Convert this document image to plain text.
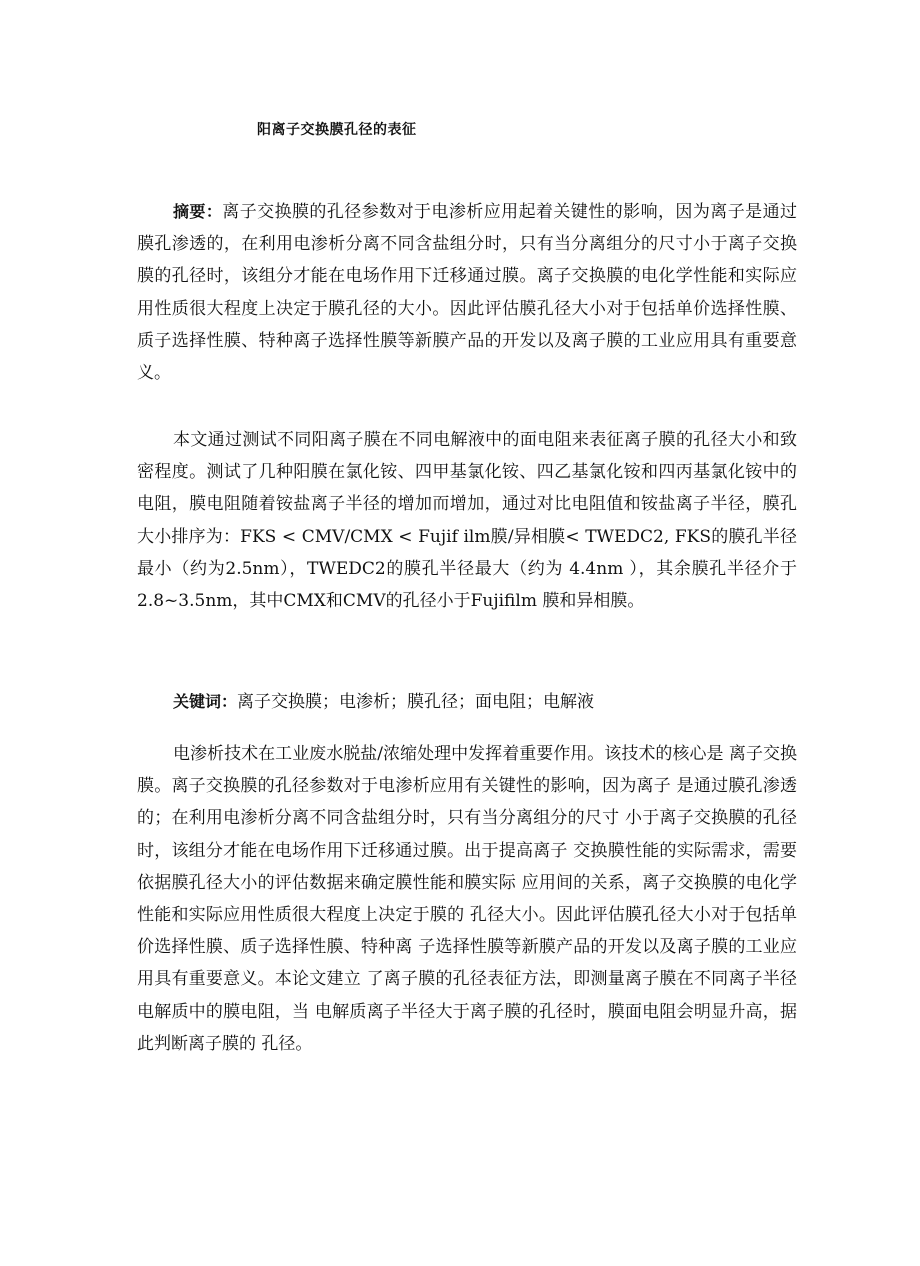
阳离子交换膜孔径的表征

摘要：离子交换膜的孔径参数对于电渗析应用起着关键性的影响，因为离子是通过膜孔渗透的，在利用电渗析分离不同含盐组分时，只有当分离组分的尺寸小于离子交换膜的孔径时，该组分才能在电场作用下迁移通过膜。离子交换膜的电化学性能和实际应用性质很大程度上决定于膜孔径的大小。因此评估膜孔径大小对于包括单价选择性膜、质子选择性膜、特种离子选择性膜等新膜产品的开发以及离子膜的工业应用具有重要意义。

本文通过测试不同阳离子膜在不同电解液中的面电阻来表征离子膜的孔径大小和致密程度。测试了几种阳膜在氯化铵、四甲基氯化铵、四乙基氯化铵和四丙基氯化铵中的电阻，膜电阻随着铵盐离子半径的增加而增加，通过对比电阻值和铵盐离子半径，膜孔大小排序为：FKS < CMV/CMX < Fujif ilm膜/异相膜< TWEDC2, FKS的膜孔半径最小（约为2.5nm），TWEDC2的膜孔半径最大（约为 4.4nm ），其余膜孔半径介于2.8~3.5nm，其中CMX和CMV的孔径小于Fujifilm 膜和异相膜。

关键词：离子交换膜；电渗析；膜孔径；面电阻；电解液

电渗析技术在工业废水脱盐/浓缩处理中发挥着重要作用。该技术的核心是 离子交换膜。离子交换膜的孔径参数对于电渗析应用有关键性的影响，因为离子 是通过膜孔渗透的；在利用电渗析分离不同含盐组分时，只有当分离组分的尺寸 小于离子交换膜的孔径时，该组分才能在电场作用下迁移通过膜。出于提高离子 交换膜性能的实际需求，需要依据膜孔径大小的评估数据来确定膜性能和膜实际 应用间的关系，离子交换膜的电化学性能和实际应用性质很大程度上决定于膜的 孔径大小。因此评估膜孔径大小对于包括单价选择性膜、质子选择性膜、特种离 子选择性膜等新膜产品的开发以及离子膜的工业应用具有重要意义。本论文建立 了离子膜的孔径表征方法，即测量离子膜在不同离子半径电解质中的膜电阻，当 电解质离子半径大于离子膜的孔径时，膜面电阻会明显升高，据此判断离子膜的 孔径。
